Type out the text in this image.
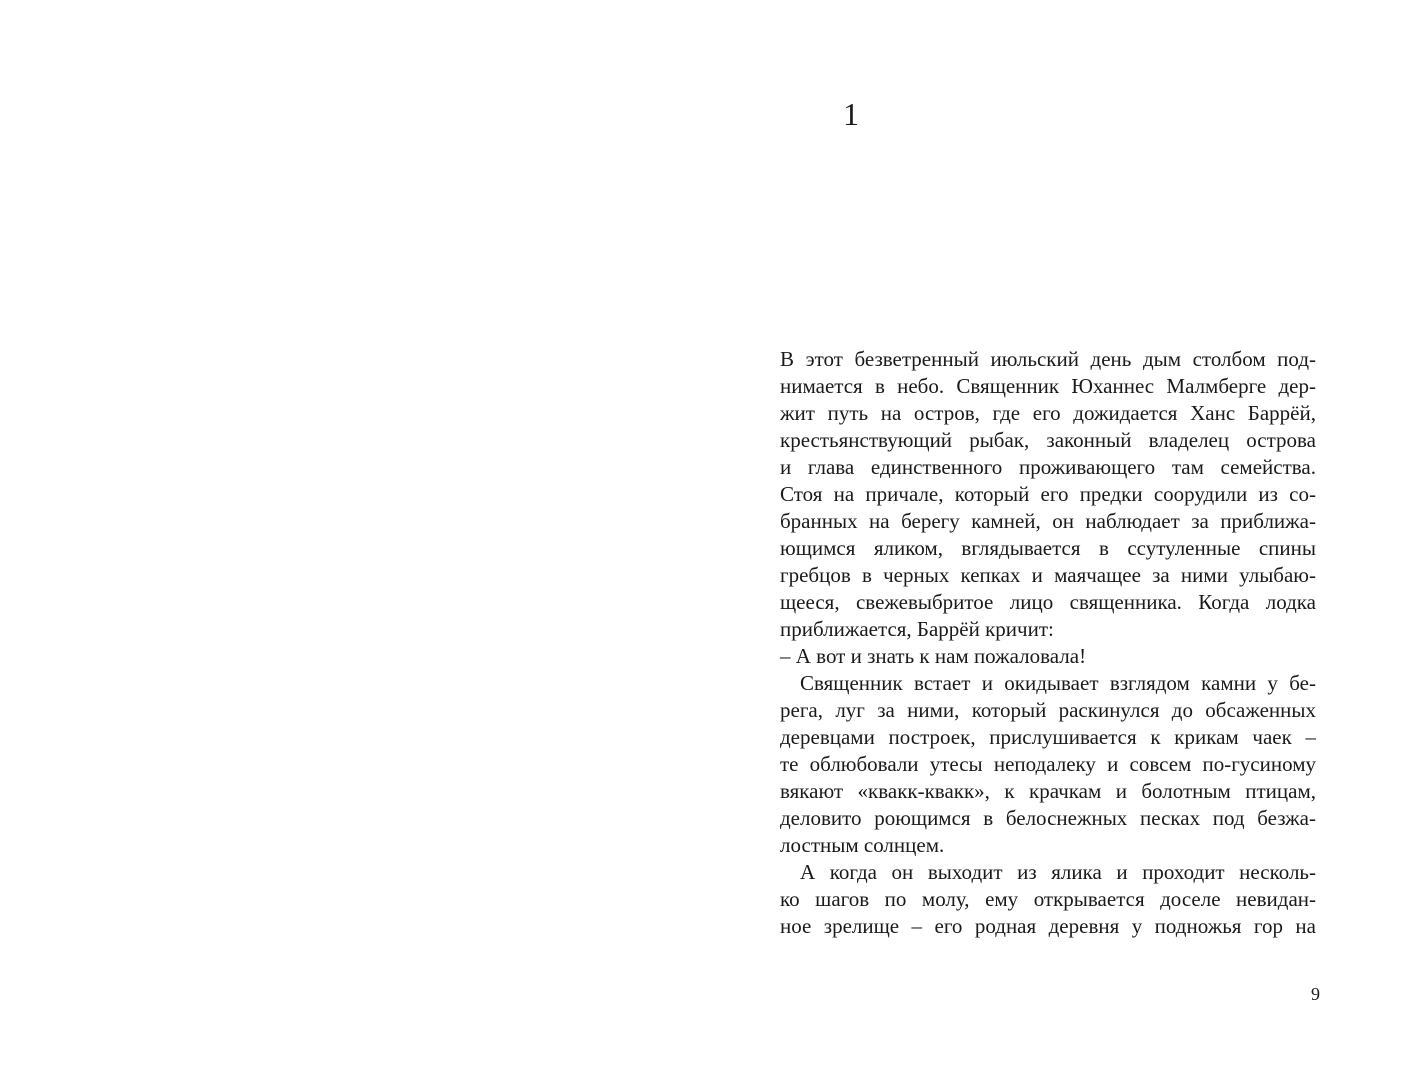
1
В этот безветренный июльский день дым столбом под-
нимается в небо. Священник Юханнес Малмберге дер-
жит путь на остров, где его дожидается Ханс Баррёй,
крестьянствующий рыбак, законный владелец острова
и глава единственного проживающего там семейства.
Стоя на причале, который его предки соорудили из со-
бранных на берегу камней, он наблюдает за приближа-
ющимся яликом, вглядывается в ссутуленные спины
гребцов в черных кепках и маячащее за ними улыбаю-
щееся, свежевыбритое лицо священника. Когда лодка
приближается, Баррёй кричит:
– А вот и знать к нам пожаловала!
Священник встает и окидывает взглядом камни у бе-
рега, луг за ними, который раскинулся до обсаженных
деревцами построек, прислушивается к крикам чаек –
те облюбовали утесы неподалеку и совсем по-гусиному
вякают «квакк-квакк», к крачкам и болотным птицам,
деловито роющимся в белоснежных песках под безжа-
лостным солнцем.
А когда он выходит из ялика и проходит несколь-
ко шагов по молу, ему открывается доселе невидан-
ное зрелище – его родная деревня у подножья гор на
9
